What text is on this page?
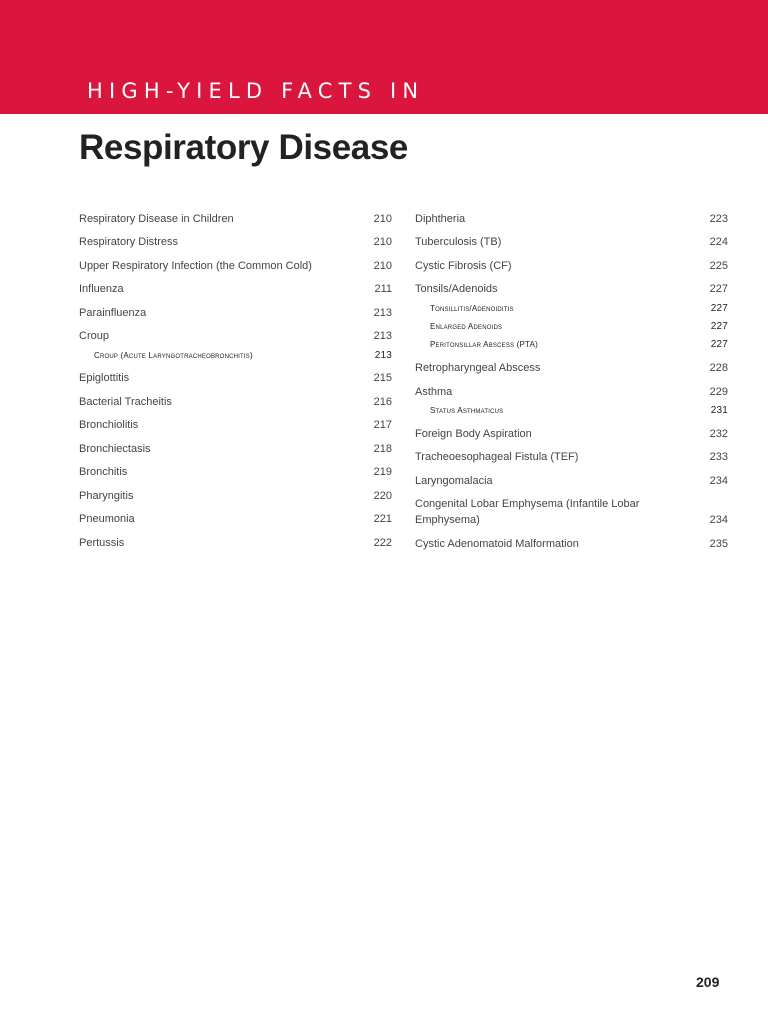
HIGH-YIELD FACTS IN
Respiratory Disease
Respiratory Disease in Children	210
Respiratory Distress	210
Upper Respiratory Infection (the Common Cold)	210
Influenza	211
Parainfluenza	213
Croup	213
Croup (Acute Laryngotracheobronchitis)	213
Epiglottitis	215
Bacterial Tracheitis	216
Bronchiolitis	217
Bronchiectasis	218
Bronchitis	219
Pharyngitis	220
Pneumonia	221
Pertussis	222
Diphtheria	223
Tuberculosis (TB)	224
Cystic Fibrosis (CF)	225
Tonsils/Adenoids	227
Tonsillitis/Adenoiditis	227
Enlarged Adenoids	227
Peritonsillar Abscess (PTA)	227
Retropharyngeal Abscess	228
Asthma	229
Status Asthmaticus	231
Foreign Body Aspiration	232
Tracheoesophageal Fistula (TEF)	233
Laryngomalacia	234
Congenital Lobar Emphysema (Infantile Lobar Emphysema)	234
Cystic Adenomatoid Malformation	235
209
